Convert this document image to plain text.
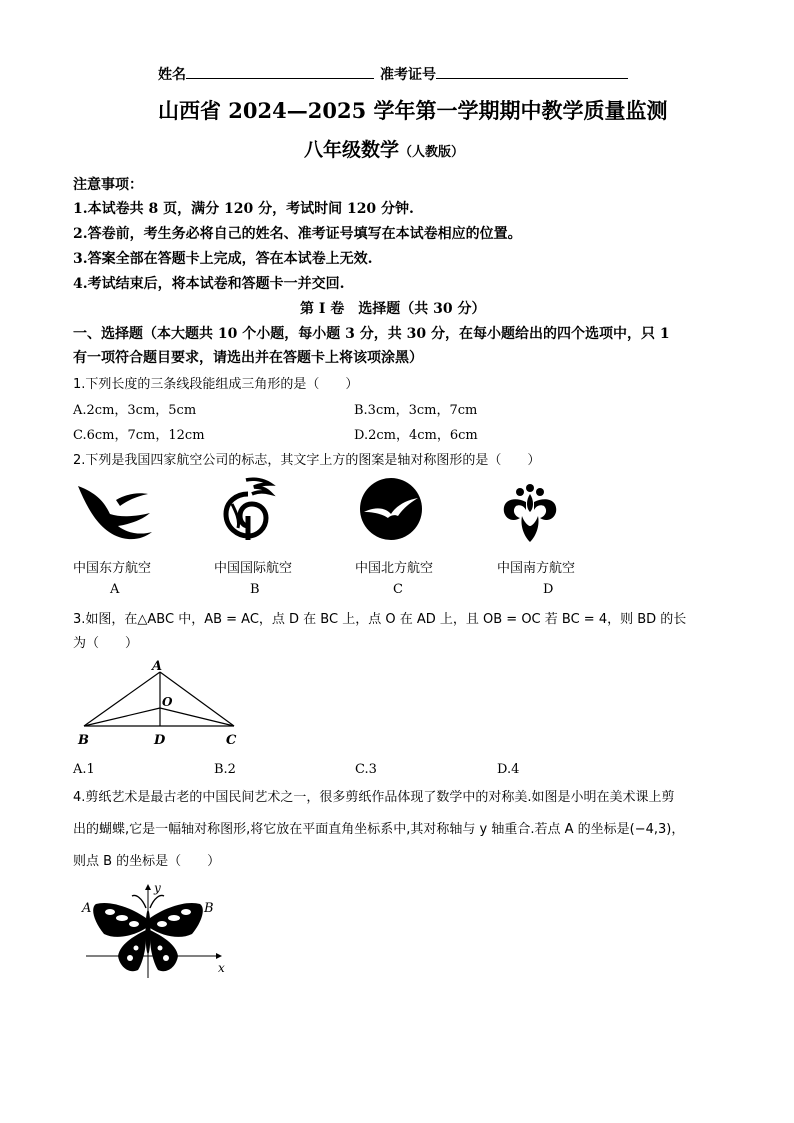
姓名	准考证号
山西省 2024—2025 学年第一学期期中教学质量监测
八年级数学（人教版）
注意事项：
1.本试卷共 8 页，满分 120 分，考试时间 120 分钟.
2.答卷前，考生务必将自己的姓名、准考证号填写在本试卷相应的位置。
3.答案全部在答题卡上完成，答在本试卷上无效.
4.考试结束后，将本试卷和答题卡一并交回.
第 I 卷　选择题（共 30 分）
一、选择题（本大题共 10 个小题，每小题 3 分，共 30 分，在每小题给出的四个选项中，只 1
有一项符合题目要求，请选出并在答题卡上将该项涂黑）
1.下列长度的三条线段能组成三角形的是（　　）
A.2cm，3cm，5cm	B.3cm，3cm，7cm
C.6cm，7cm，12cm	D.2cm，4cm，6cm
2.下列是我国四家航空公司的标志，其文字上方的图案是轴对称图形的是（　　）
中国东方航空	中国国际航空	中国北方航空	中国南方航空
A	B	C	D
3.如图，在△ABC 中，AB = AC，点 D 在 BC 上，点 O 在 AD 上，且 OB = OC 若 BC = 4，则 BD 的长
为（　　）
A
O
B	D	C
A.1	B.2	C.3	D.4
4.剪纸艺术是最古老的中国民间艺术之一，很多剪纸作品体现了数学中的对称美.如图是小明在美术课上剪
出的蝴蝶,它是一幅轴对称图形,将它放在平面直角坐标系中,其对称轴与 y 轴重合.若点 A 的坐标是(−4,3)，
则点 B 的坐标是（　　）
x
y
A	B
